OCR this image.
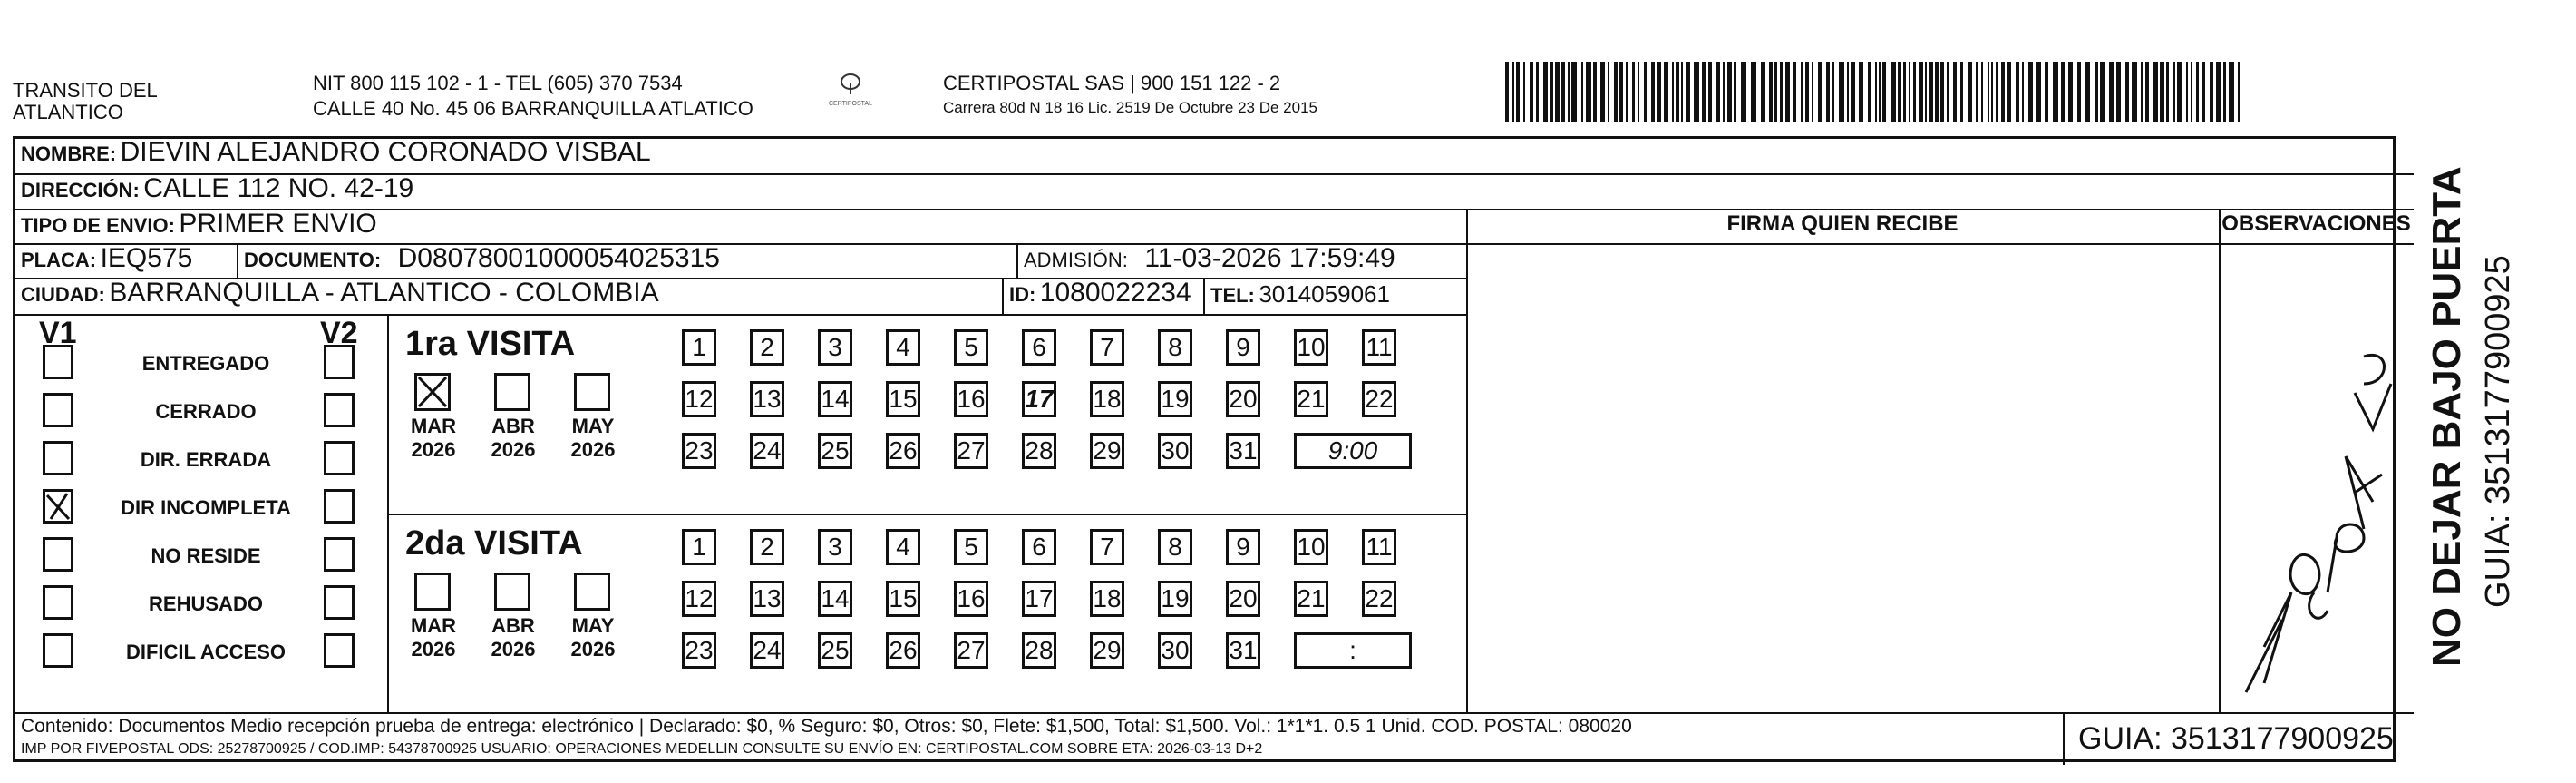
TRANSITO DEL
ATLANTICO
NIT 800 115 102 - 1 - TEL (605) 370 7534
CALLE 40 No. 45 06 BARRANQUILLA ATLATICO	CERTIPOSTAL
CERTIPOSTAL SAS | 900 151 122 - 2
Carrera 80d N 18 16 Lic. 2519 De Octubre 23 De 2015
NOMBRE: DIEVIN ALEJANDRO CORONADO VISBAL
DIRECCIÓN: CALLE 112 NO. 42-19
TIPO DE ENVIO: PRIMER ENVIO	FIRMA QUIEN RECIBE	OBSERVACIONES
PLACA: IEQ575	DOCUMENTO: D08078001000054025315	ADMISIÓN: 11-03-2026 17:59:49
CIUDAD: BARRANQUILLA - ATLANTICO - COLOMBIA	ID: 1080022234 TEL: 3014059061
V1	V2
ENTREGADO
CERRADO
DIR. ERRADA
DIR INCOMPLETA
NO RESIDE
REHUSADO
DIFICIL ACCESO
1ra VISITA
2da VISITA
MAR
2026
ABR
2026
MAY
2026
MAR
2026
ABR
2026
MAY
2026
1 2 3 4 5 6 7 8 9 10 11
12 13 14 15 16 17 18 19 20 21 22
23 24 25 26 27 28 29 30 31	9:00
1 2 3 4 5 6 7 8 9 10 11
12 13 14 15 16 17 18 19 20 21 22
23 24 25 26 27 28 29 30 31	:
Contenido: Documentos Medio recepción prueba de entrega: electrónico | Declarado: $0, % Seguro: $0, Otros: $0, Flete: $1,500, Total: $1,500. Vol.: 1*1*1. 0.5 1 Unid. COD. POSTAL: 080020
IMP POR FIVEPOSTAL ODS: 25278700925 / COD.IMP: 54378700925 USUARIO: OPERACIONES MEDELLIN CONSULTE SU ENVÍO EN: CERTIPOSTAL.COM SOBRE ETA: 2026-03-13 D+2	GUIA: 3513177900925
NO DEJAR BAJO PUERTA GUIA: 3513177900925
